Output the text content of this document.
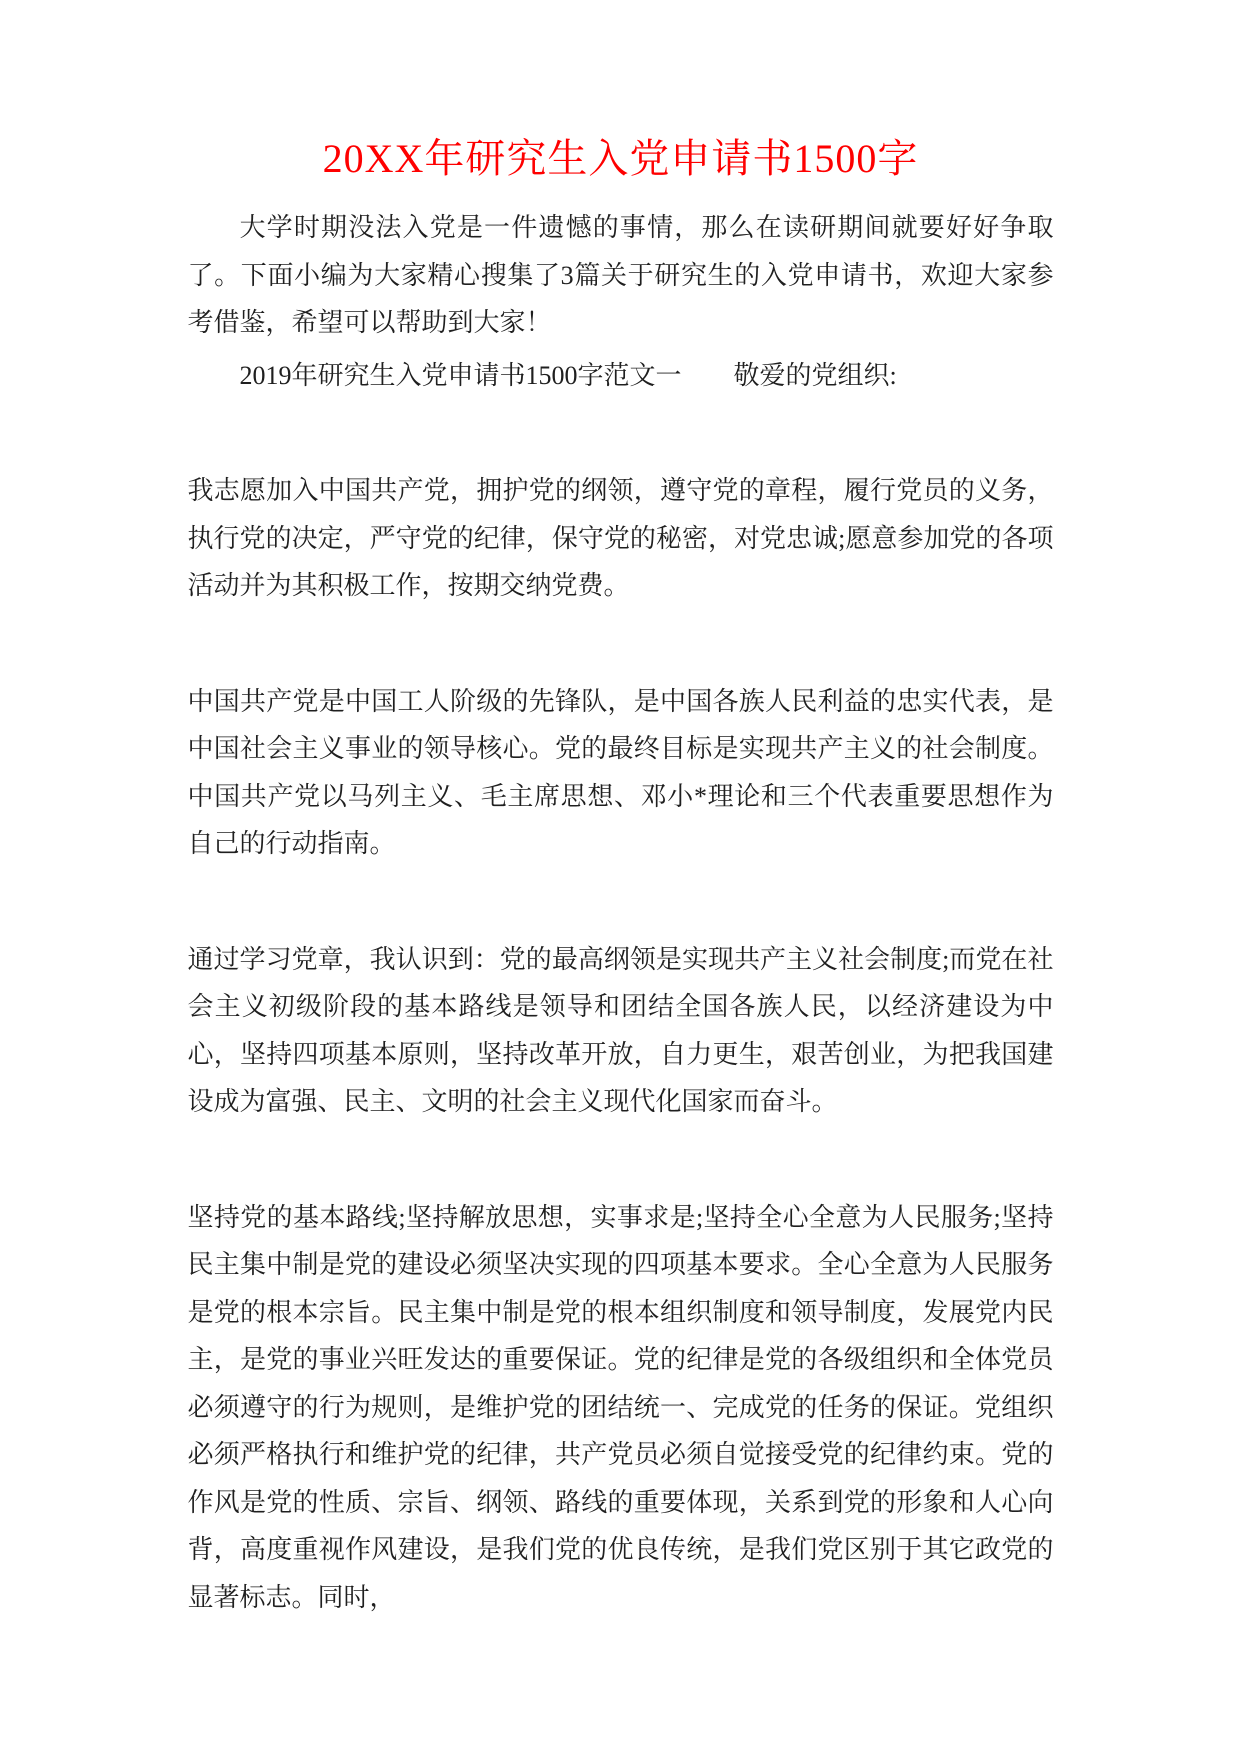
20XX年研究生入党申请书1500字

大学时期没法入党是一件遗憾的事情，那么在读研期间就要好好争取了。下面小编为大家精心搜集了3篇关于研究生的入党申请书，欢迎大家参考借鉴，希望可以帮助到大家！

2019年研究生入党申请书1500字范文一　　敬爱的党组织:

我志愿加入中国共产党，拥护党的纲领，遵守党的章程，履行党员的义务，执行党的决定，严守党的纪律，保守党的秘密，对党忠诚;愿意参加党的各项活动并为其积极工作，按期交纳党费。

中国共产党是中国工人阶级的先锋队，是中国各族人民利益的忠实代表，是中国社会主义事业的领导核心。党的最终目标是实现共产主义的社会制度。中国共产党以马列主义、毛主席思想、邓小*理论和三个代表重要思想作为自己的行动指南。

通过学习党章，我认识到：党的最高纲领是实现共产主义社会制度;而党在社会主义初级阶段的基本路线是领导和团结全国各族人民，以经济建设为中心，坚持四项基本原则，坚持改革开放，自力更生，艰苦创业，为把我国建设成为富强、民主、文明的社会主义现代化国家而奋斗。

坚持党的基本路线;坚持解放思想，实事求是;坚持全心全意为人民服务;坚持民主集中制是党的建设必须坚决实现的四项基本要求。全心全意为人民服务是党的根本宗旨。民主集中制是党的根本组织制度和领导制度，发展党内民主，是党的事业兴旺发达的重要保证。党的纪律是党的各级组织和全体党员必须遵守的行为规则，是维护党的团结统一、完成党的任务的保证。党组织必须严格执行和维护党的纪律，共产党员必须自觉接受党的纪律约束。党的作风是党的性质、宗旨、纲领、路线的重要体现，关系到党的形象和人心向背，高度重视作风建设，是我们党的优良传统，是我们党区别于其它政党的显著标志。同时，
